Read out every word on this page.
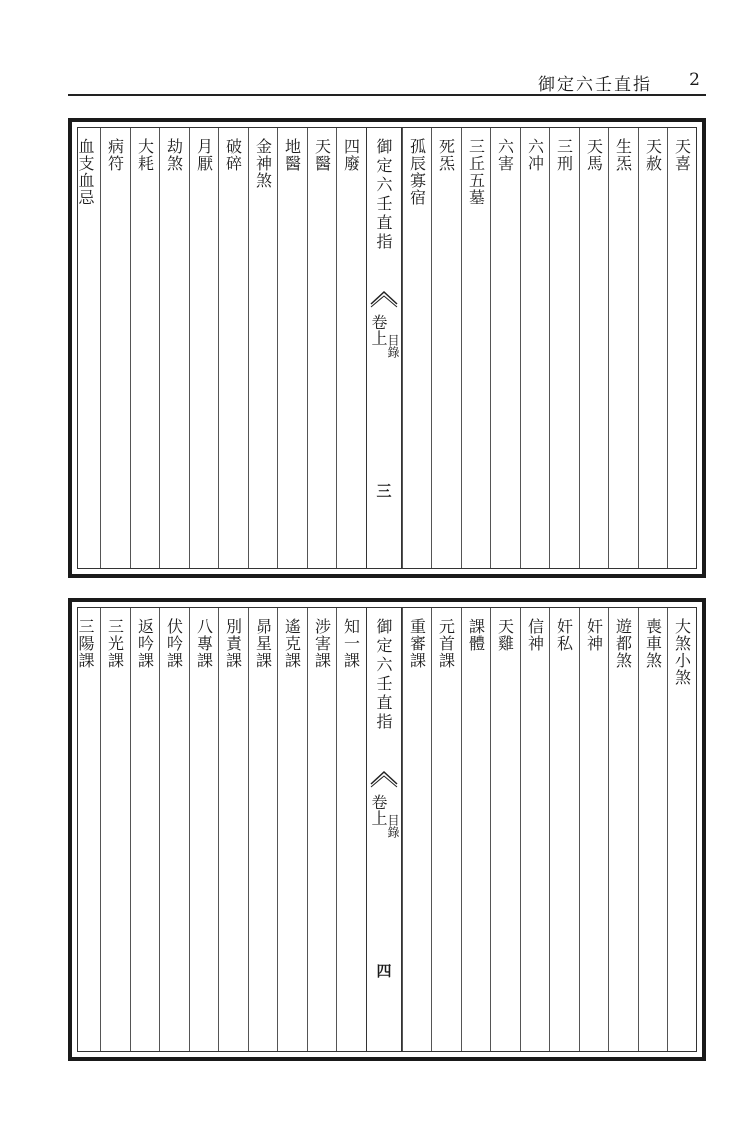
御定六壬直指 2
天喜
天赦
生炁
天馬
三刑
六冲
六害
三丘五墓
死炁
孤辰寡宿
御定六壬直指
卷上
目錄
三
四廢
天醫
地醫
金神煞
破碎
月厭
劫煞
大耗
病符
血支血忌
大煞小煞
喪車煞
遊都煞
奸神
奸私
信神
天雞
課體
元首課
重審課
御定六壬直指
卷上
目錄
四
知一課
涉害課
遙克課
昴星課
別責課
八專課
伏吟課
返吟課
三光課
三陽課
